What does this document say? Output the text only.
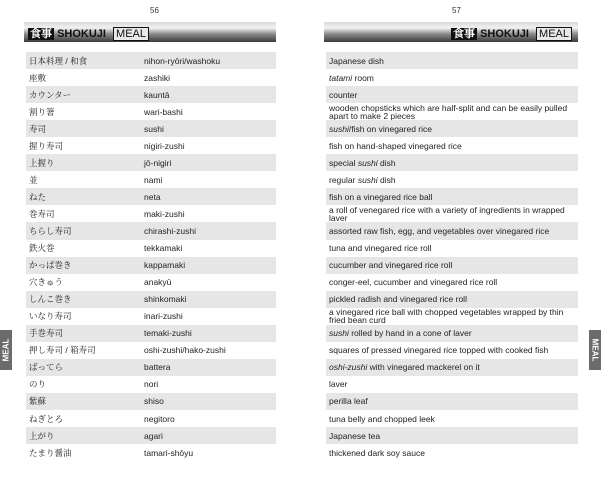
56
食事 SHOKUJI MEAL
日本料理 / 和食	nihon-ryōri/washoku
座敷	zashiki
カウンター	kauntā
割り箸	wari-bashi
寿司	sushi
握り寿司	nigiri-zushi
上握り	jō-nigiri
並	nami
ねた	neta
巻寿司	maki-zushi
ちらし寿司	chirashi-zushi
鉄火巻	tekkamaki
かっぱ巻き	kappamaki
穴きゅう	anakyū
しんこ巻き	shinkomaki
いなり寿司	inari-zushi
手巻寿司	temaki-zushi
押し寿司 / 箱寿司	oshi-zushi/hako-zushi
ばってら	battera
のり	nori
紫蘇	shiso
ねぎとろ	negitoro
上がり	agari
たまり醤油	tamari-shōyu
MEAL
57
食事 SHOKUJI MEAL
Japanese dish
tatami room
counter
wooden chopsticks which are half-split and can be easily pulled apart to make 2 pieces
sushi/fish on vinegared rice
fish on hand-shaped vinegared rice
special sushi dish
regular sushi dish
fish on a vinegared rice ball
a roll of venegared rice with a variety of ingredients in wrapped laver
assorted raw fish, egg, and vegetables over vinegared rice
tuna and vinegared rice roll
cucumber and vinegared rice roll
conger-eel, cucumber and vinegared rice roll
pickled radish and vinegared rice roll
a vinegared rice ball with chopped vegetables wrapped by thin fried bean curd
sushi rolled by hand in a cone of laver
squares of pressed vinegared rice topped with cooked fish
oshi-zushi with vinegared mackerel on it
laver
perilla leaf
tuna belly and chopped leek
Japanese tea
thickened dark soy sauce
MEAL
